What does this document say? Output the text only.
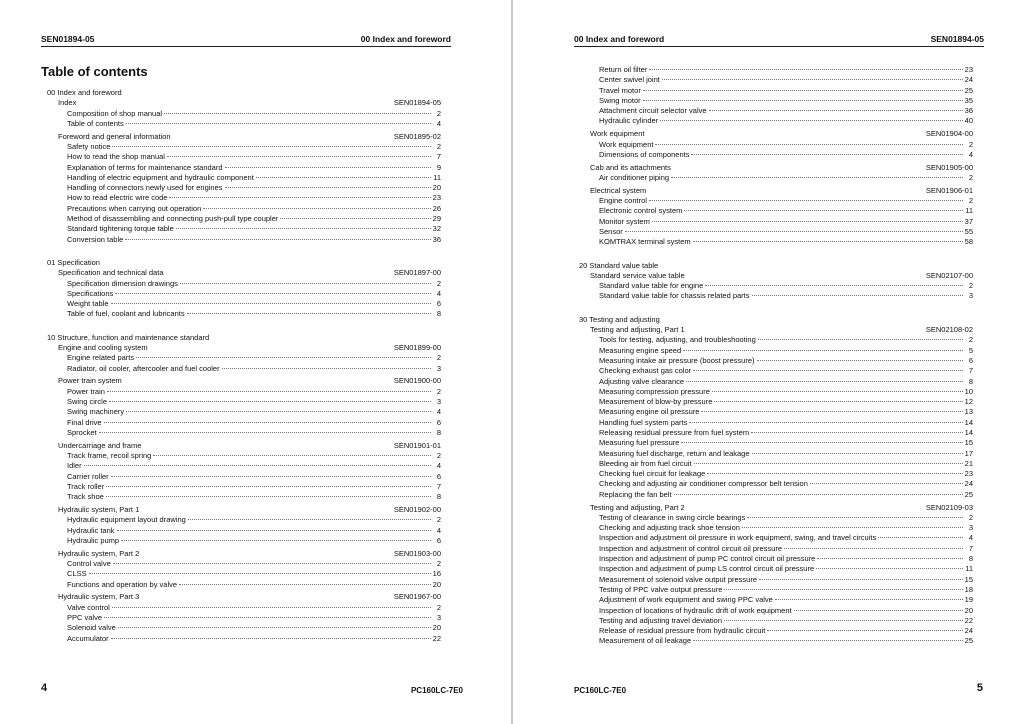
SEN01894-05	00 Index and foreword
Table of contents
00 Index and foreword
Index	SEN01894-05
Composition of shop manual	2
Table of contents	4
Foreword and general information	SEN01895-02
Safety notice	2
How to read the shop manual	7
Explanation of terms for maintenance standard	9
Handling of electric equipment and hydraulic component	11
Handling of connectors newly used for engines	20
How to read electric wire code	23
Precautions when carrying out operation	26
Method of disassembling and connecting push-pull type coupler	29
Standard tightening torque table	32
Conversion table	36
01 Specification
Specification and technical data	SEN01897-00
Specification dimension drawings	2
Specifications	4
Weight table	6
Table of fuel, coolant and lubricants	8
10 Structure, function and maintenance standard
Engine and cooling system	SEN01899-00
Engine related parts	2
Radiator, oil cooler, aftercooler and fuel cooler	3
Power train system	SEN01900-00
Power train	2
Swing circle	3
Swing machinery	4
Final drive	6
Sprocket	8
Undercarriage and frame	SEN01901-01
Track frame, recoil spring	2
Idler	4
Carrier roller	6
Track roller	7
Track shoe	8
Hydraulic system, Part 1	SEN01902-00
Hydraulic equipment layout drawing	2
Hydraulic tank	4
Hydraulic pump	6
Hydraulic system, Part 2	SEN01903-00
Control valve	2
CLSS	16
Functions and operation by valve	20
Hydraulic system, Part 3	SEN01967-00
Valve control	2
PPC valve	3
Solenoid valve	20
Accumulator	22
4	PC160LC-7E0
00 Index and foreword	SEN01894-05
Return oil filter	23
Center swivel joint	24
Travel motor	25
Swing motor	35
Attachment circuit selector valve	36
Hydraulic cylinder	40
Work equipment	SEN01904-00
Work equipment	2
Dimensions of components	4
Cab and its attachments	SEN01905-00
Air conditioner piping	2
Electrical system	SEN01906-01
Engine control	2
Electronic control system	11
Monitor system	37
Sensor	55
KOMTRAX terminal system	58
20 Standard value table
Standard service value table	SEN02107-00
Standard value table for engine	2
Standard value table for chassis related parts	3
30 Testing and adjusting
Testing and adjusting, Part 1	SEN02108-02
Tools for testing, adjusting, and troubleshooting	2
Measuring engine speed	5
Measuring intake air pressure (boost pressure)	6
Checking exhaust gas color	7
Adjusting valve clearance	8
Measuring compression pressure	10
Measurement of blow-by pressure	12
Measuring engine oil pressure	13
Handling fuel system parts	14
Releasing residual pressure from fuel system	14
Measuring fuel pressure	15
Measuring fuel discharge, return and leakage	17
Bleeding air from fuel circuit	21
Checking fuel circuit for leakage	23
Checking and adjusting air conditioner compressor belt tension	24
Replacing the fan belt	25
Testing and adjusting, Part 2	SEN02109-03
Testing of clearance in swing circle bearings	2
Checking and adjusting track shoe tension	3
Inspection and adjustment oil pressure in work equipment, swing, and travel circuits	4
Inspection and adjustment of control circuit oil pressure	7
Inspection and adjustment of pump PC control circuit oil pressure	8
Inspection and adjustment of pump LS control circuit oil pressure	11
Measurement of solenoid valve output pressure	15
Testing of PPC valve output pressure	18
Adjustment of work equipment and swing PPC valve	19
Inspection of locations of hydraulic drift of work equipment	20
Testing and adjusting travel deviation	22
Release of residual pressure from hydraulic circuit	24
Measurement of oil leakage	25
PC160LC-7E0	5
